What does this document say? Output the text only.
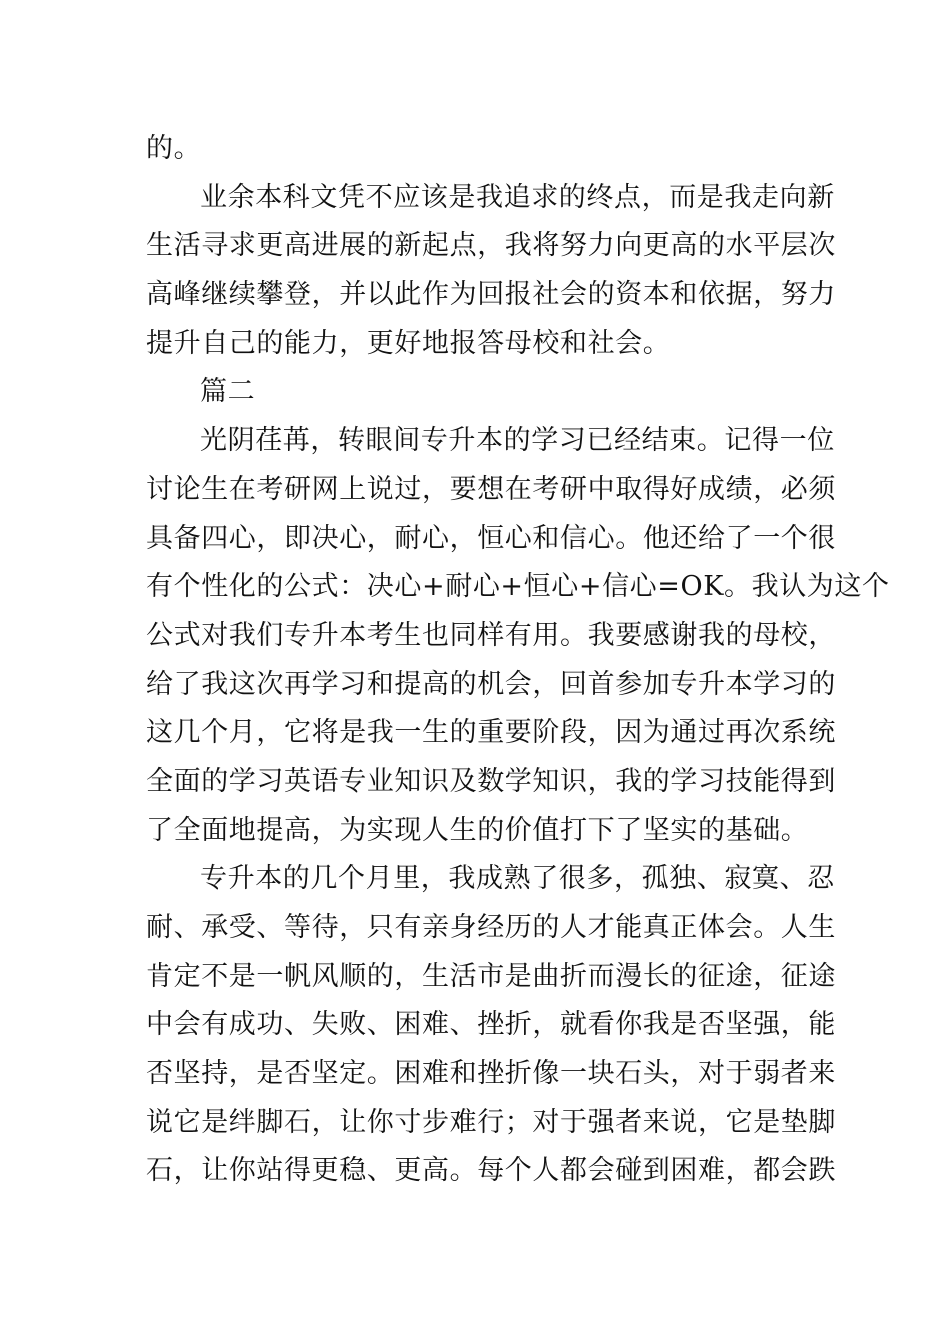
的。
业余本科文凭不应该是我追求的终点，而是我走向新
生活寻求更高进展的新起点，我将努力向更高的水平层次
高峰继续攀登，并以此作为回报社会的资本和依据，努力
提升自己的能力，更好地报答母校和社会。
篇二
光阴荏苒，转眼间专升本的学习已经结束。记得一位
讨论生在考研网上说过，要想在考研中取得好成绩，必须
具备四心，即决心，耐心，恒心和信心。他还给了一个很
有个性化的公式：决心+耐心+恒心+信心=OK。我认为这个
公式对我们专升本考生也同样有用。我要感谢我的母校，
给了我这次再学习和提高的机会，回首参加专升本学习的
这几个月，它将是我一生的重要阶段，因为通过再次系统
全面的学习英语专业知识及数学知识，我的学习技能得到
了全面地提高，为实现人生的价值打下了坚实的基础。
专升本的几个月里，我成熟了很多，孤独、寂寞、忍
耐、承受、等待，只有亲身经历的人才能真正体会。人生
肯定不是一帆风顺的，生活市是曲折而漫长的征途，征途
中会有成功、失败、困难、挫折，就看你我是否坚强，能
否坚持，是否坚定。困难和挫折像一块石头，对于弱者来
说它是绊脚石，让你寸步难行；对于强者来说，它是垫脚
石，让你站得更稳、更高。每个人都会碰到困难，都会跌
